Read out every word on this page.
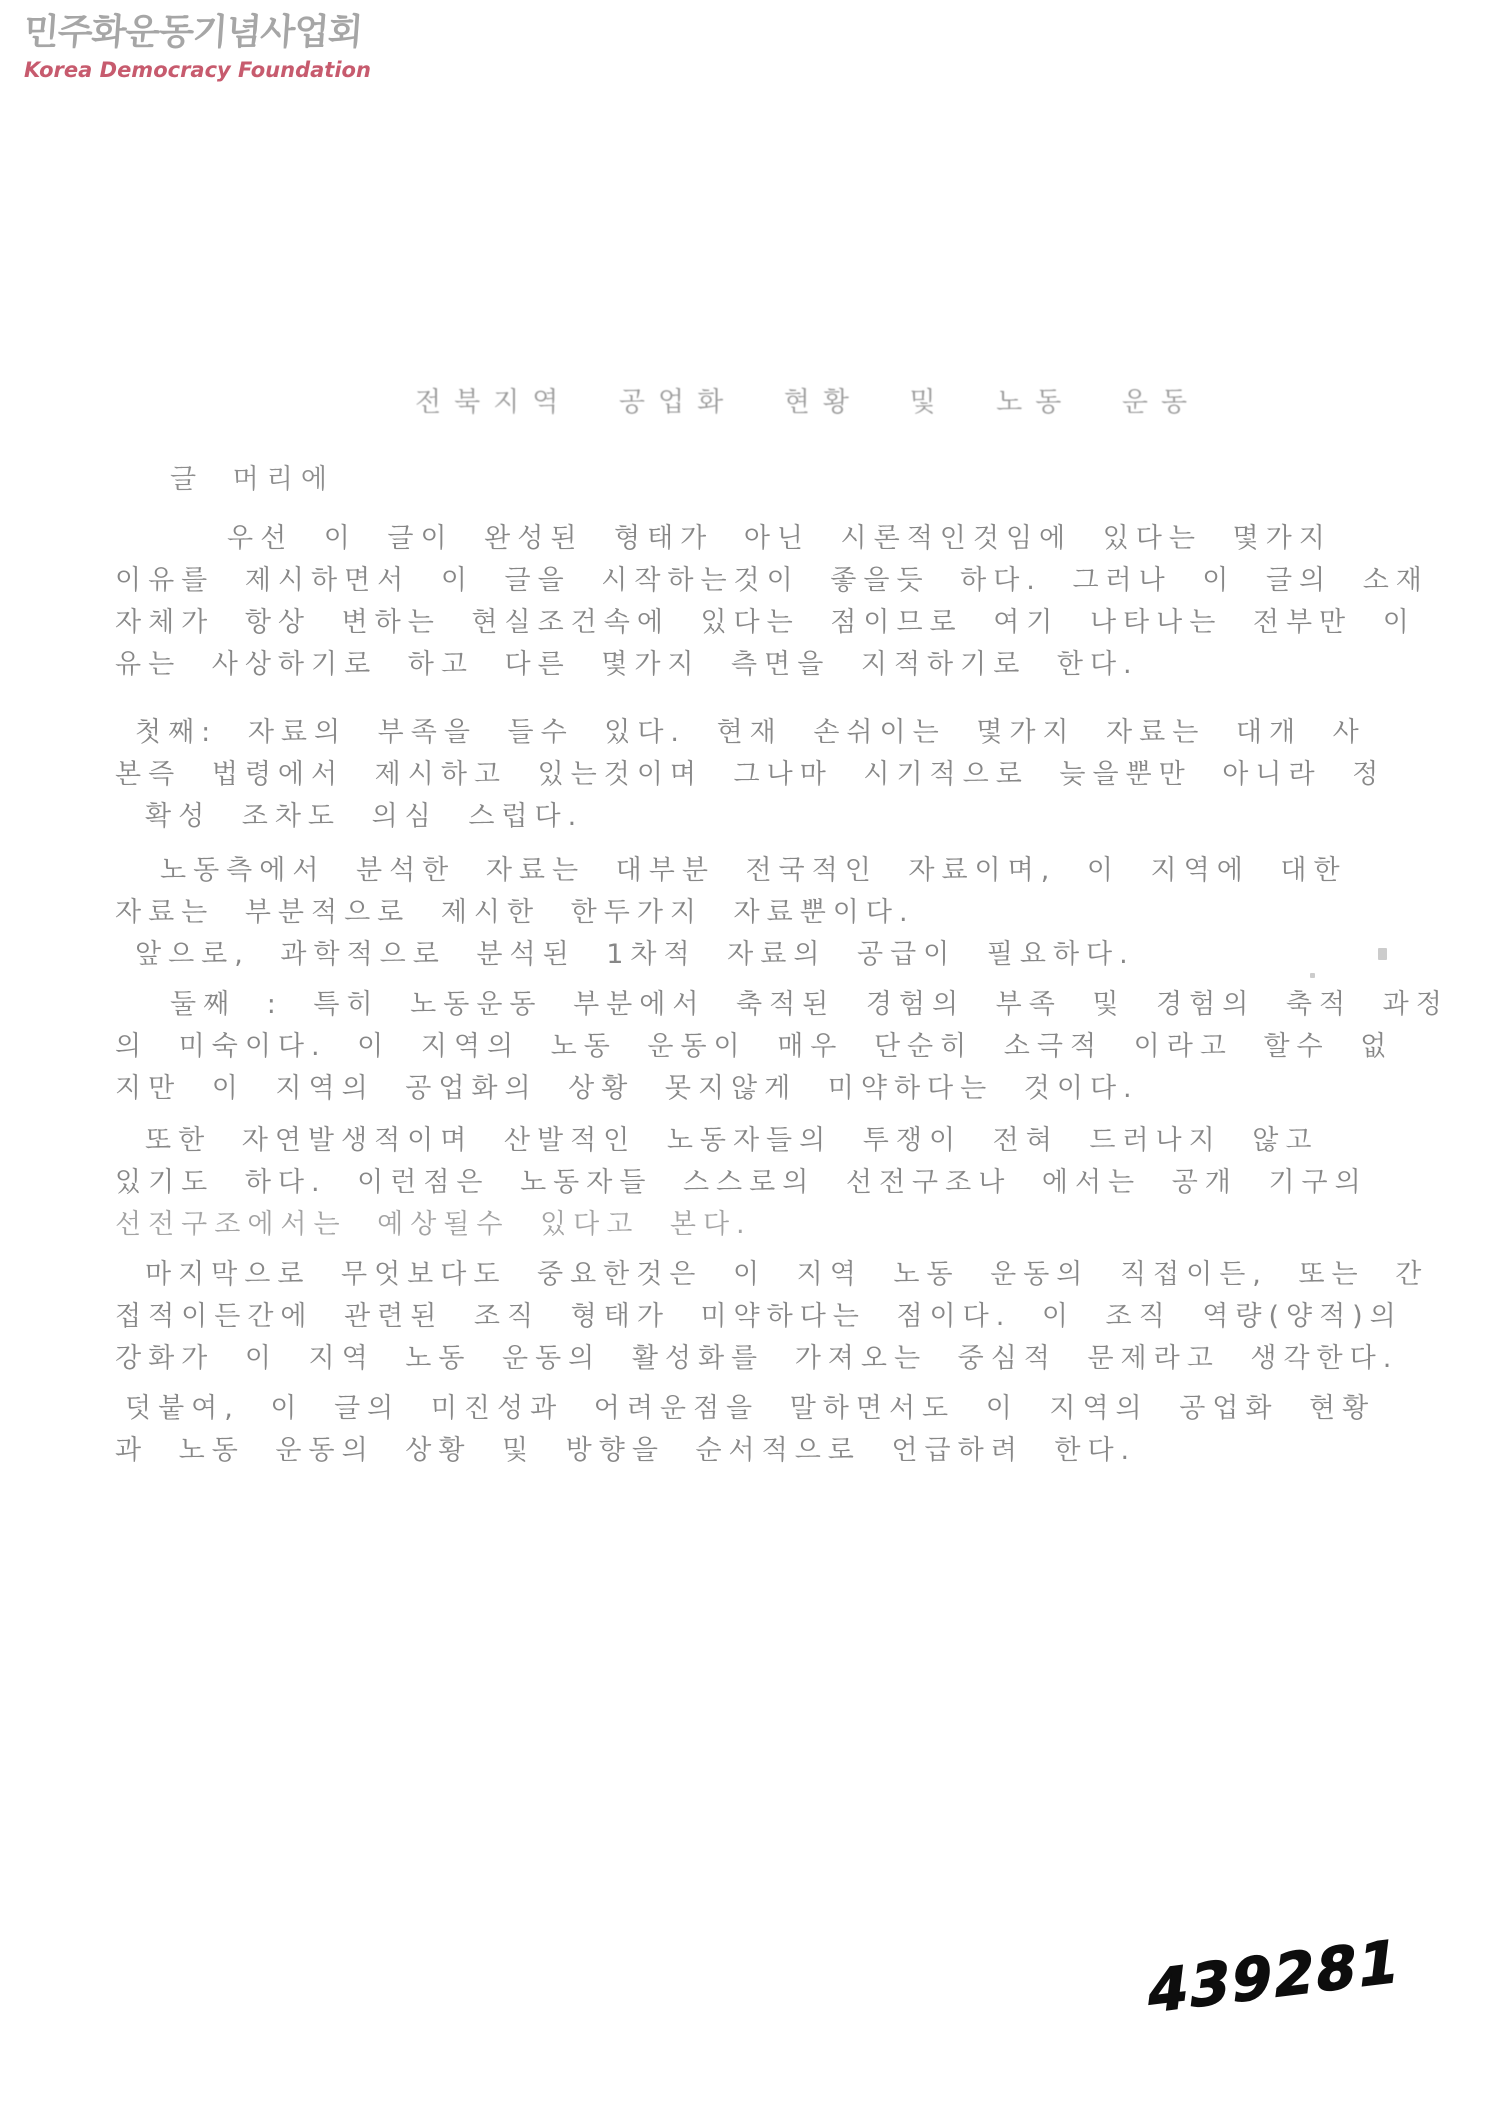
민주화운동기념사업회
Korea Democracy Foundation
전북지역 공업화 현황 및 노동 운동
글 머리에

우선 이 글이 완성된 형태가 아닌 시론적인것임에 있다는 몇가지

이유를 제시하면서 이 글을 시작하는것이 좋을듯 하다. 그러나 이 글의 소재

자체가 항상 변하는 현실조건속에 있다는 점이므로 여기 나타나는 전부만 이

유는 사상하기로 하고 다른 몇가지 측면을 지적하기로 한다.

첫째: 자료의 부족을 들수 있다. 현재 손쉬이는 몇가지 자료는 대개 사

본즉 법령에서 제시하고 있는것이며 그나마 시기적으로 늦을뿐만 아니라 정

확성 조차도 의심 스럽다.

노동측에서 분석한 자료는 대부분 전국적인 자료이며, 이 지역에 대한

자료는 부분적으로 제시한 한두가지 자료뿐이다.

앞으로, 과학적으로 분석된 1차적 자료의 공급이 필요하다.

둘째 : 특히 노동운동 부분에서 축적된 경험의 부족 및 경험의 축적 과정

의 미숙이다. 이 지역의 노동 운동이 매우 단순히 소극적 이라고 할수 없

지만 이 지역의 공업화의 상황 못지않게 미약하다는 것이다.

또한 자연발생적이며 산발적인 노동자들의 투쟁이 전혀 드러나지 않고

있기도 하다. 이런점은 노동자들 스스로의 선전구조나 에서는 공개 기구의

선전구조에서는 예상될수 있다고 본다.

마지막으로 무엇보다도 중요한것은 이 지역 노동 운동의 직접이든, 또는 간

접적이든간에 관련된 조직 형태가 미약하다는 점이다. 이 조직 역량(양적)의

강화가 이 지역 노동 운동의 활성화를 가져오는 중심적 문제라고 생각한다.

덧붙여, 이 글의 미진성과 어려운점을 말하면서도 이 지역의 공업화 현황

과 노동 운동의 상황 및 방향을 순서적으로 언급하려 한다.

439281
